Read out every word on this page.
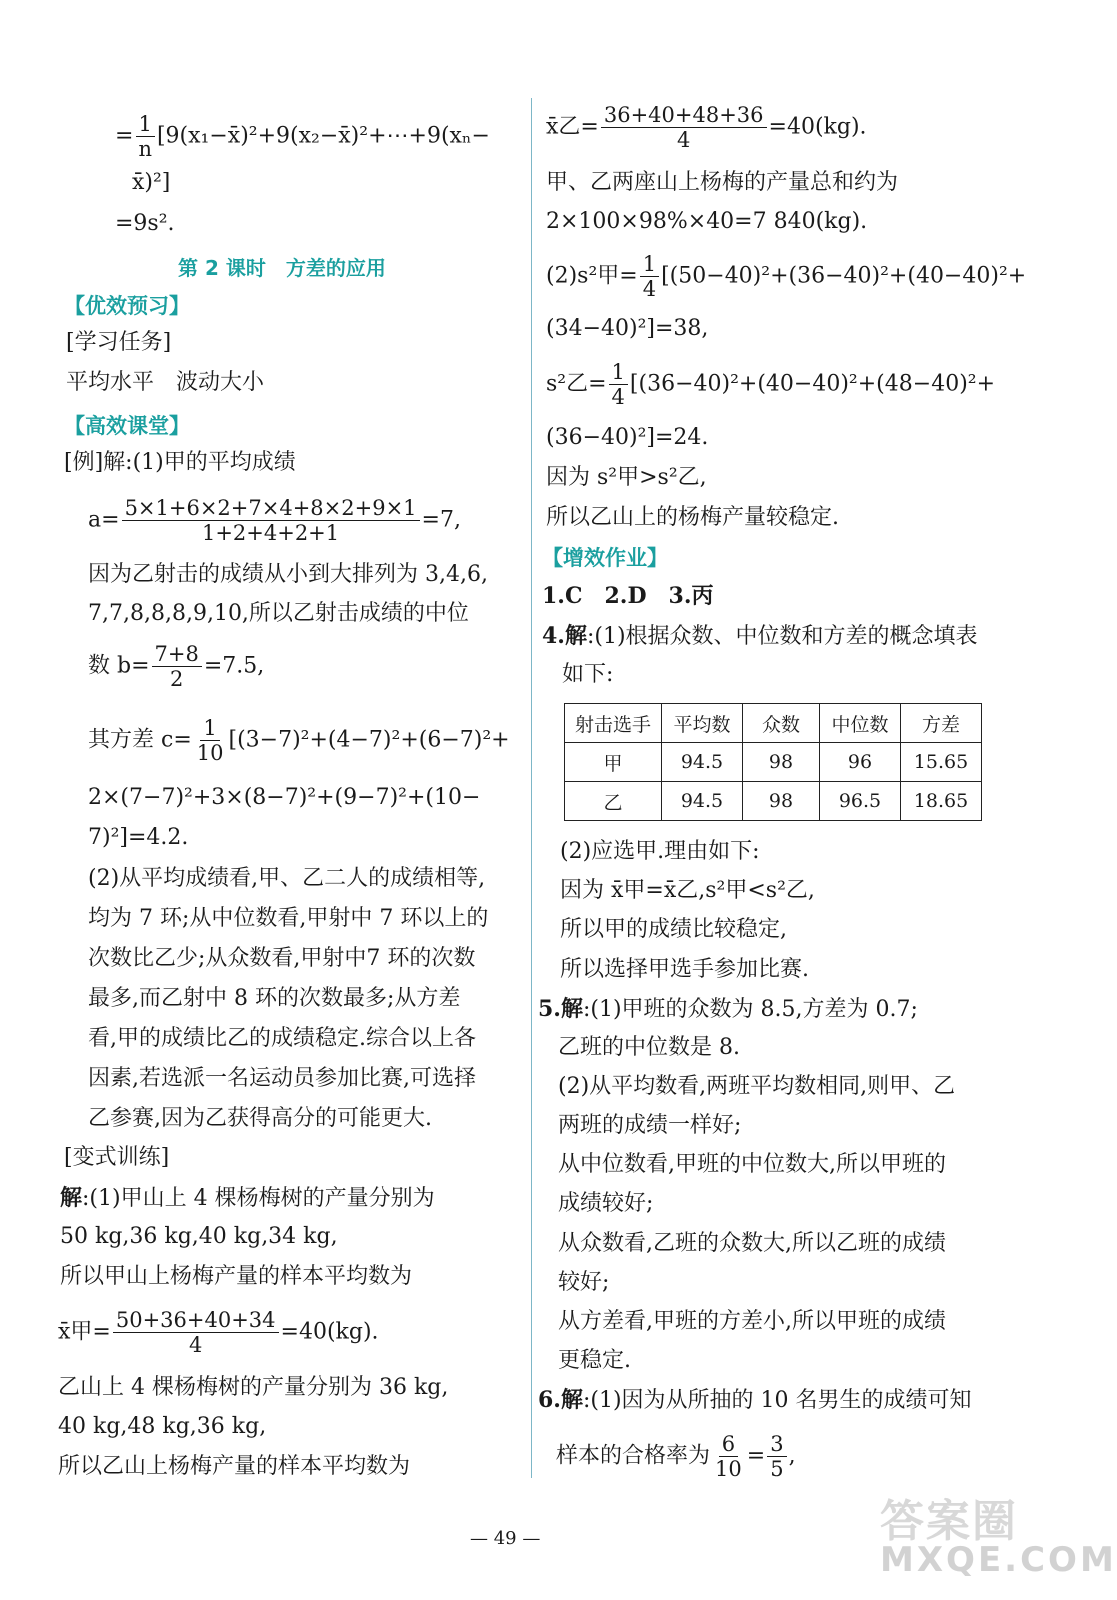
= $\frac{1}{n}$ [9(x₁−x̄)²+9(x₂−x̄)²+⋯+9(xₙ−
x̄)²]
=9s².
第 2 课时　方差的应用
【优效预习】
[学习任务]
平均水平　波动大小
【高效课堂】
[例]解:(1)甲的平均成绩
$a= \frac{5\times 1+6\times 2+7\times 4+8\times 2+9\times 1}{1+2+4+2+1} =7$,
因为乙射击的成绩从小到大排列为 3,4,6,
7,7,8,8,8,9,10,所以乙射击成绩的中位
数 $b= \frac{7+8}{2} =7.5$,
其方差 $c= \frac{1}{10} [(3-7)^2+(4-7)^2+(6-7)^2+$
2×(7−7)²+3×(8−7)²+(9−7)²+(10−
7)²]=4.2.
(2)从平均成绩看,甲、乙二人的成绩相等,
均为 7 环;从中位数看,甲射中 7 环以上的
次数比乙少;从众数看,甲射中7 环的次数
最多,而乙射中 8 环的次数最多;从方差
看,甲的成绩比乙的成绩稳定.综合以上各
因素,若选派一名运动员参加比赛,可选择
乙参赛,因为乙获得高分的可能更大.
[变式训练]
解:(1)甲山上 4 棵杨梅树的产量分别为
50 kg,36 kg,40 kg,34 kg,
所以甲山上杨梅产量的样本平均数为
x̄甲= $\frac{50+36+40+34}{4} =40(kg)$.
乙山上 4 棵杨梅树的产量分别为 36 kg,
40 kg,48 kg,36 kg,
所以乙山上杨梅产量的样本平均数为
x̄乙= $\frac{36+40+48+36}{4} =40(kg)$.
甲、乙两座山上杨梅的产量总和约为
2×100×98%×40=7 840(kg).
(2)s²甲= $\frac{1}{4} [(50-40)^2+(36-40)^2+(40-40)^2+$
(34−40)²]=38,
s²乙= $\frac{1}{4} [(36-40)^2+(40-40)^2+(48-40)^2+$
(36−40)²]=24.
因为 s²甲>s²乙,
所以乙山上的杨梅产量较稳定.
【增效作业】
1.C　2.D　3.丙
4.解:(1)根据众数、中位数和方差的概念填表
如下:
射击选手	平均数	众数	中位数	方差
甲	94.5	98	96	15.65
乙	94.5	98	96.5	18.65
(2)应选甲.理由如下:
因为 x̄甲=x̄乙,s²甲<s²乙,
所以甲的成绩比较稳定,
所以选择甲选手参加比赛.
5.解:(1)甲班的众数为 8.5,方差为 0.7;
乙班的中位数是 8.
(2)从平均数看,两班平均数相同,则甲、乙
两班的成绩一样好;
从中位数看,甲班的中位数大,所以甲班的
成绩较好;
从众数看,乙班的众数大,所以乙班的成绩
较好;
从方差看,甲班的方差小,所以甲班的成绩
更稳定.
6.解:(1)因为从所抽的 10 名男生的成绩可知
样本的合格率为 $\frac{6}{10} = \frac{3}{5}$ ,
— 49 —	答案圈
MXQE.COM
